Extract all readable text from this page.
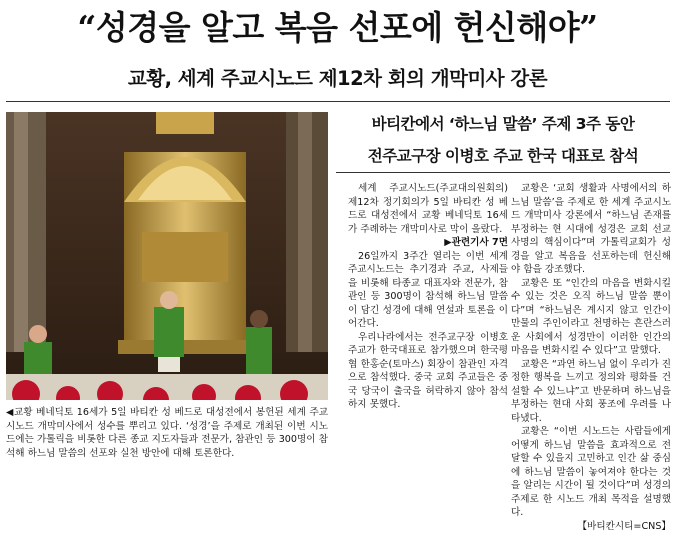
“성경을 알고 복음 선포에 헌신해야”
교황, 세계 주교시노드 제12차 회의 개막미사 강론
바티칸에서 ‘하느님 말씀’ 주제 3주 동안
전주교구장 이병호 주교 한국 대표로 참석
◀교황 베네딕토 16세가 5일 바티칸 성 베드로 대성전에서 봉헌된 세계 주교시노드 개막미사에서 성수를 뿌리고 있다. ‘성경’을 주제로 개최된 이번 시노드에는 가톨릭을 비롯한 다른 종교 지도자들과 전문가, 참관인 등 300명이 참석해 하느님 말씀의 선포와 실천 방안에 대해 토론한다.

세계 주교시노드(주교대의원회의) 제12차 정기회의가 5일 바티칸 성 베드로 대성전에서 교황 베네딕토 16세가 주례하는 개막미사로 막이 올랐다.

▶관련기사 7면

26일까지 3주간 열리는 이번 세계 주교시노드는 추기경과 주교, 사제들을 비롯해 타종교 대표자와 전문가, 참관인 등 300명이 참석해 하느님 말씀이 담긴 성경에 대해 연설과 토론을 이어간다.

우리나라에서는 전주교구장 이병호 주교가 한국대표로 참가했으며 한국평협 한홍순(토마스) 회장이 참관인 자격으로 참석했다. 중국 교회 주교들은 중국 당국이 출국을 허락하지 않아 참석하지 못했다.

교황은 ‘교회 생활과 사명에서의 하느님 말씀’을 주제로 한 세계 주교시노드 개막미사 강론에서 “하느님 존재를 부정하는 현 시대에 성경은 교회 선교 사명의 핵심이다”며 가톨릭교회가 성경을 알고 복음을 선포하는데 헌신해야 함을 강조했다.

교황은 또 “인간의 마음을 변화시킬 수 있는 것은 오직 하느님 말씀 뿐이다”며 “하느님은 계시지 않고 인간이 만물의 주인이라고 천명하는 흔란스러운 사회에서 성경만이 이러한 인간의 마음을 변화시킬 수 있다”고 말했다.

교황은 “과연 하느님 없이 우리가 진정한 행복을 느끼고 정의와 평화를 건설할 수 있느냐”고 반문하며 하느님을 부정하는 현대 사회 풍조에 우려를 나타냈다.

교황은 “이번 시노드는 사람들에게 어떻게 하느님 말씀을 효과적으로 전달할 수 있을지 고민하고 인간 삶 중심에 하느님 말씀이 놓여져야 한다는 것을 알리는 시간이 될 것이다”며 성경의 주제로 한 시노드 개최 목적을 설명했다.

【바티칸시티=CNS】
